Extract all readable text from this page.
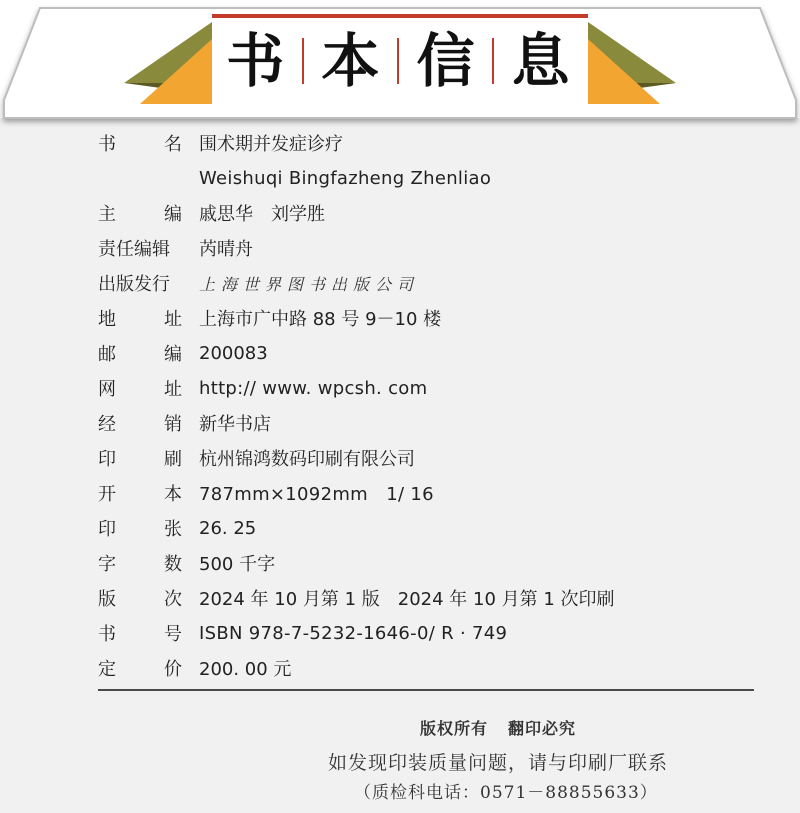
书 本 信 息
书	名 围术期并发症诊疗
Weishuqi Bingfazheng Zhenliao
主	编 戚思华　刘学胜
责任编辑 芮晴舟
出版发行 上海世界图书出版公司
地	址 上海市广中路 88 号 9－10 楼
邮	编 200083
网	址 http:// www. wpcsh. com
经	销 新华书店
印	刷 杭州锦鸿数码印刷有限公司
开	本 787mm×1092mm　1/ 16
印	张 26. 25
字	数 500 千字
版	次 2024 年 10 月第 1 版　2024 年 10 月第 1 次印刷
书	号 ISBN 978-7-5232-1646-0/ R · 749
定	价 200. 00 元
版权所有 翻印必究
如发现印装质量问题，请与印刷厂联系
（质检科电话：0571－88855633）
